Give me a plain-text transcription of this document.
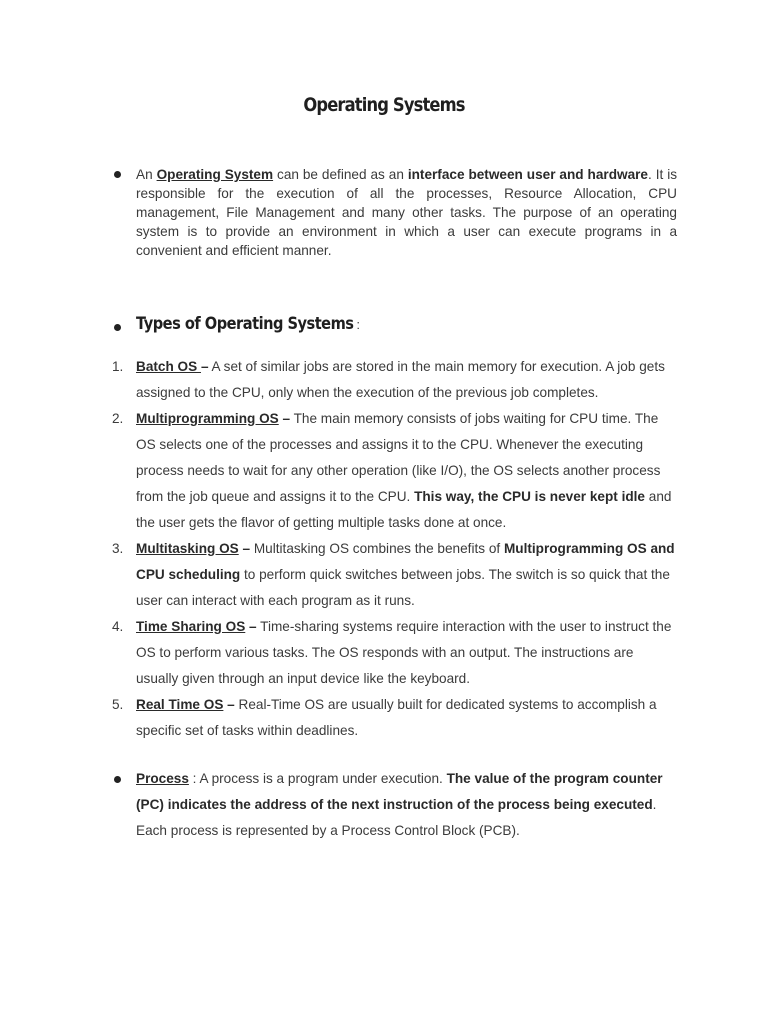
Operating Systems

An Operating System can be defined as an interface between user and hardware. It is responsible for the execution of all the processes, Resource Allocation, CPU management, File Management and many other tasks. The purpose of an operating system is to provide an environment in which a user can execute programs in a convenient and efficient manner.

Types of Operating Systems :
1. Batch OS – A set of similar jobs are stored in the main memory for execution. A job gets assigned to the CPU, only when the execution of the previous job completes.
2. Multiprogramming OS – The main memory consists of jobs waiting for CPU time. The OS selects one of the processes and assigns it to the CPU. Whenever the executing process needs to wait for any other operation (like I/O), the OS selects another process from the job queue and assigns it to the CPU. This way, the CPU is never kept idle and the user gets the flavor of getting multiple tasks done at once.
3. Multitasking OS – Multitasking OS combines the benefits of Multiprogramming OS and CPU scheduling to perform quick switches between jobs. The switch is so quick that the user can interact with each program as it runs.
4. Time Sharing OS – Time-sharing systems require interaction with the user to instruct the OS to perform various tasks. The OS responds with an output. The instructions are usually given through an input device like the keyboard.
5. Real Time OS – Real-Time OS are usually built for dedicated systems to accomplish a specific set of tasks within deadlines.

Process : A process is a program under execution. The value of the program counter (PC) indicates the address of the next instruction of the process being executed. Each process is represented by a Process Control Block (PCB).
